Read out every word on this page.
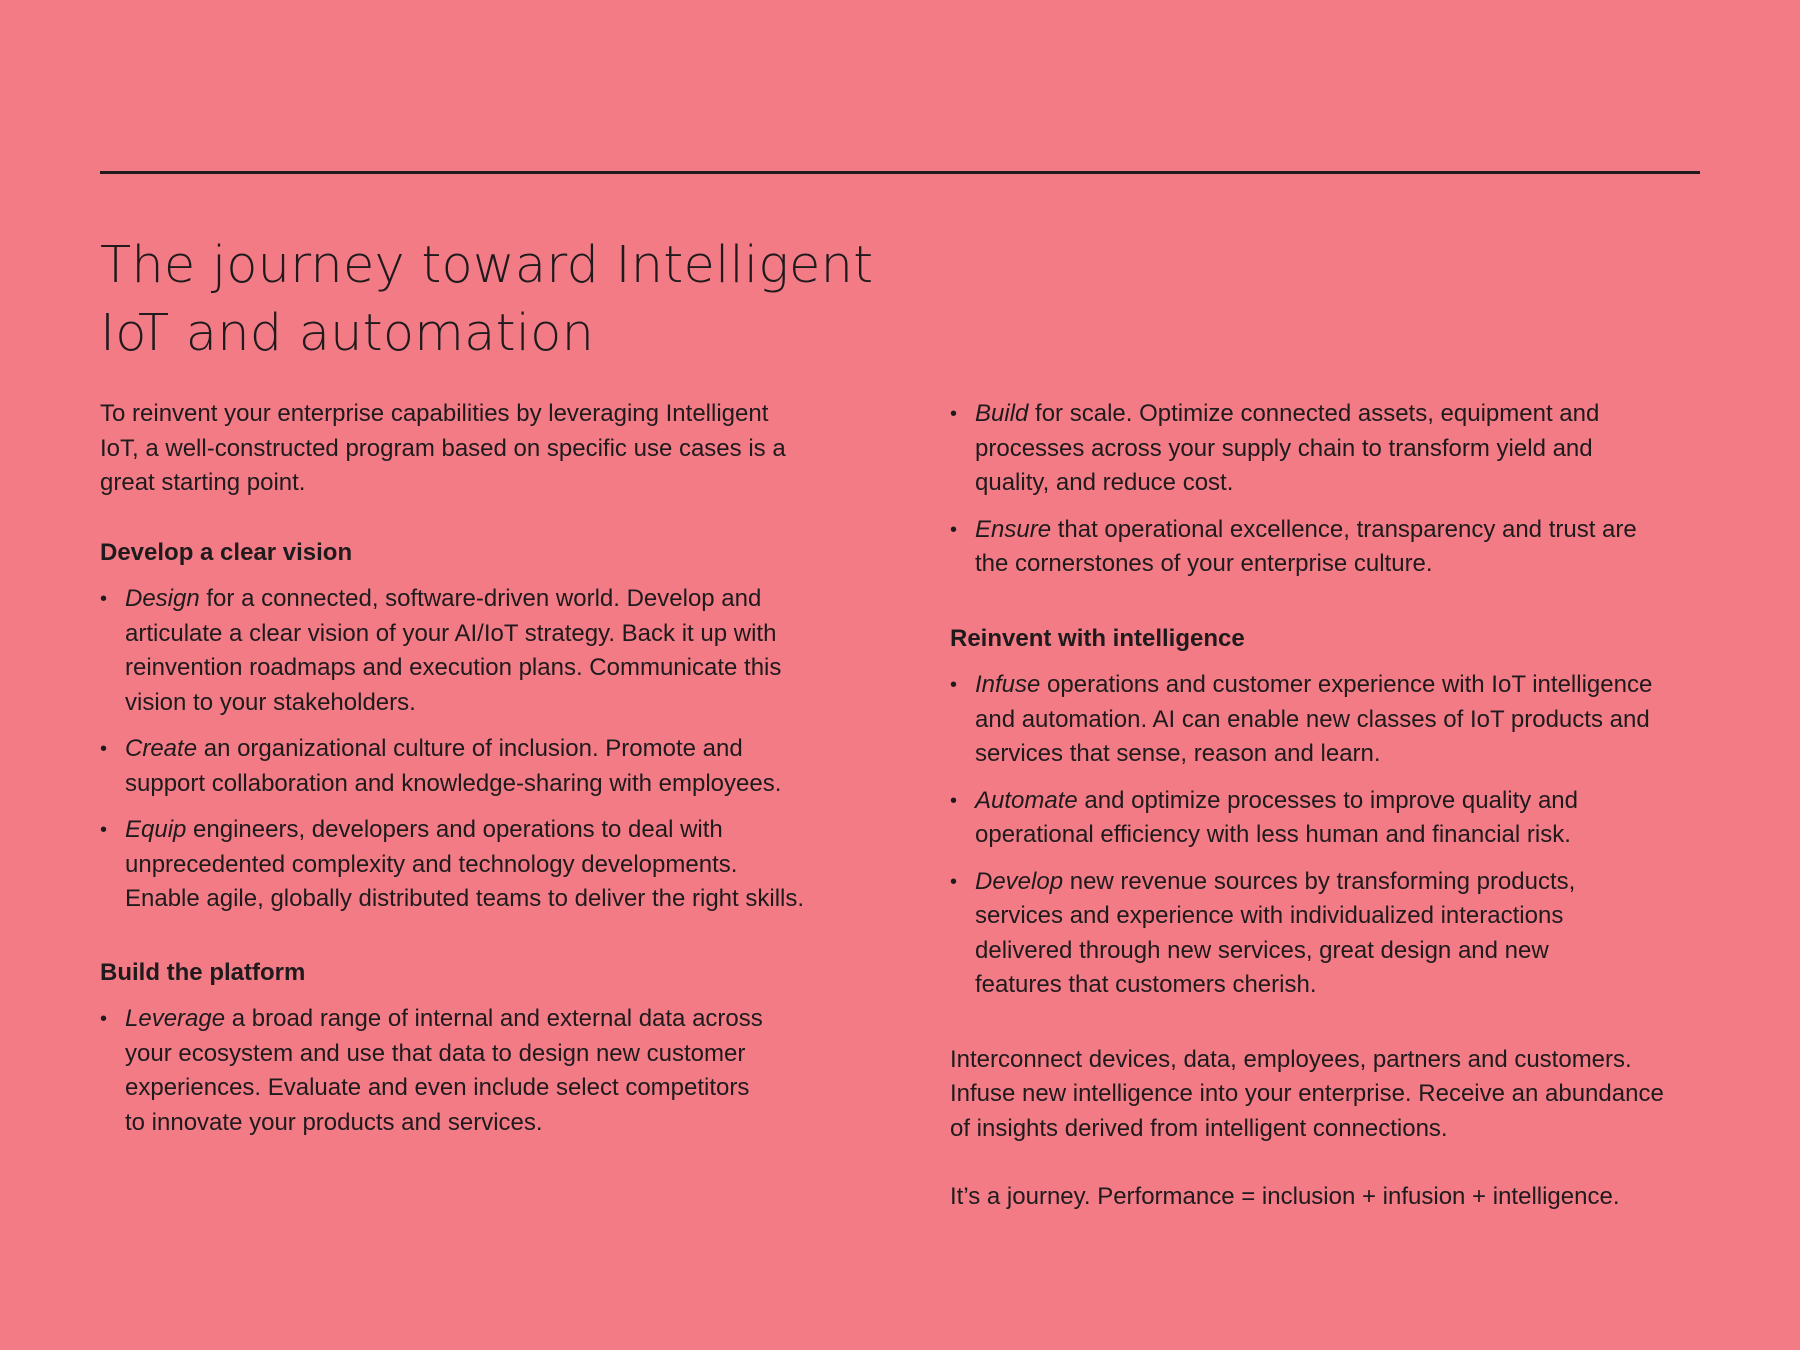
The journey toward Intelligent
IoT and automation

To reinvent your enterprise capabilities by leveraging Intelligent
IoT, a well-constructed program based on specific use cases is a
great starting point.

Develop a clear vision
• Design for a connected, software-driven world. Develop and
articulate a clear vision of your AI/IoT strategy. Back it up with
reinvention roadmaps and execution plans. Communicate this
vision to your stakeholders.
• Create an organizational culture of inclusion. Promote and
support collaboration and knowledge-sharing with employees.
• Equip engineers, developers and operations to deal with
unprecedented complexity and technology developments.
Enable agile, globally distributed teams to deliver the right skills.
Build the platform
• Leverage a broad range of internal and external data across
your ecosystem and use that data to design new customer
experiences. Evaluate and even include select competitors
to innovate your products and services.
• Build for scale. Optimize connected assets, equipment and
processes across your supply chain to transform yield and
quality, and reduce cost.
• Ensure that operational excellence, transparency and trust are
the cornerstones of your enterprise culture.
Reinvent with intelligence
• Infuse operations and customer experience with IoT intelligence
and automation. AI can enable new classes of IoT products and
services that sense, reason and learn.
• Automate and optimize processes to improve quality and
operational efficiency with less human and financial risk.
• Develop new revenue sources by transforming products,
services and experience with individualized interactions
delivered through new services, great design and new
features that customers cherish.

Interconnect devices, data, employees, partners and customers.
Infuse new intelligence into your enterprise. Receive an abundance
of insights derived from intelligent connections.

It’s a journey. Performance = inclusion + infusion + intelligence.
